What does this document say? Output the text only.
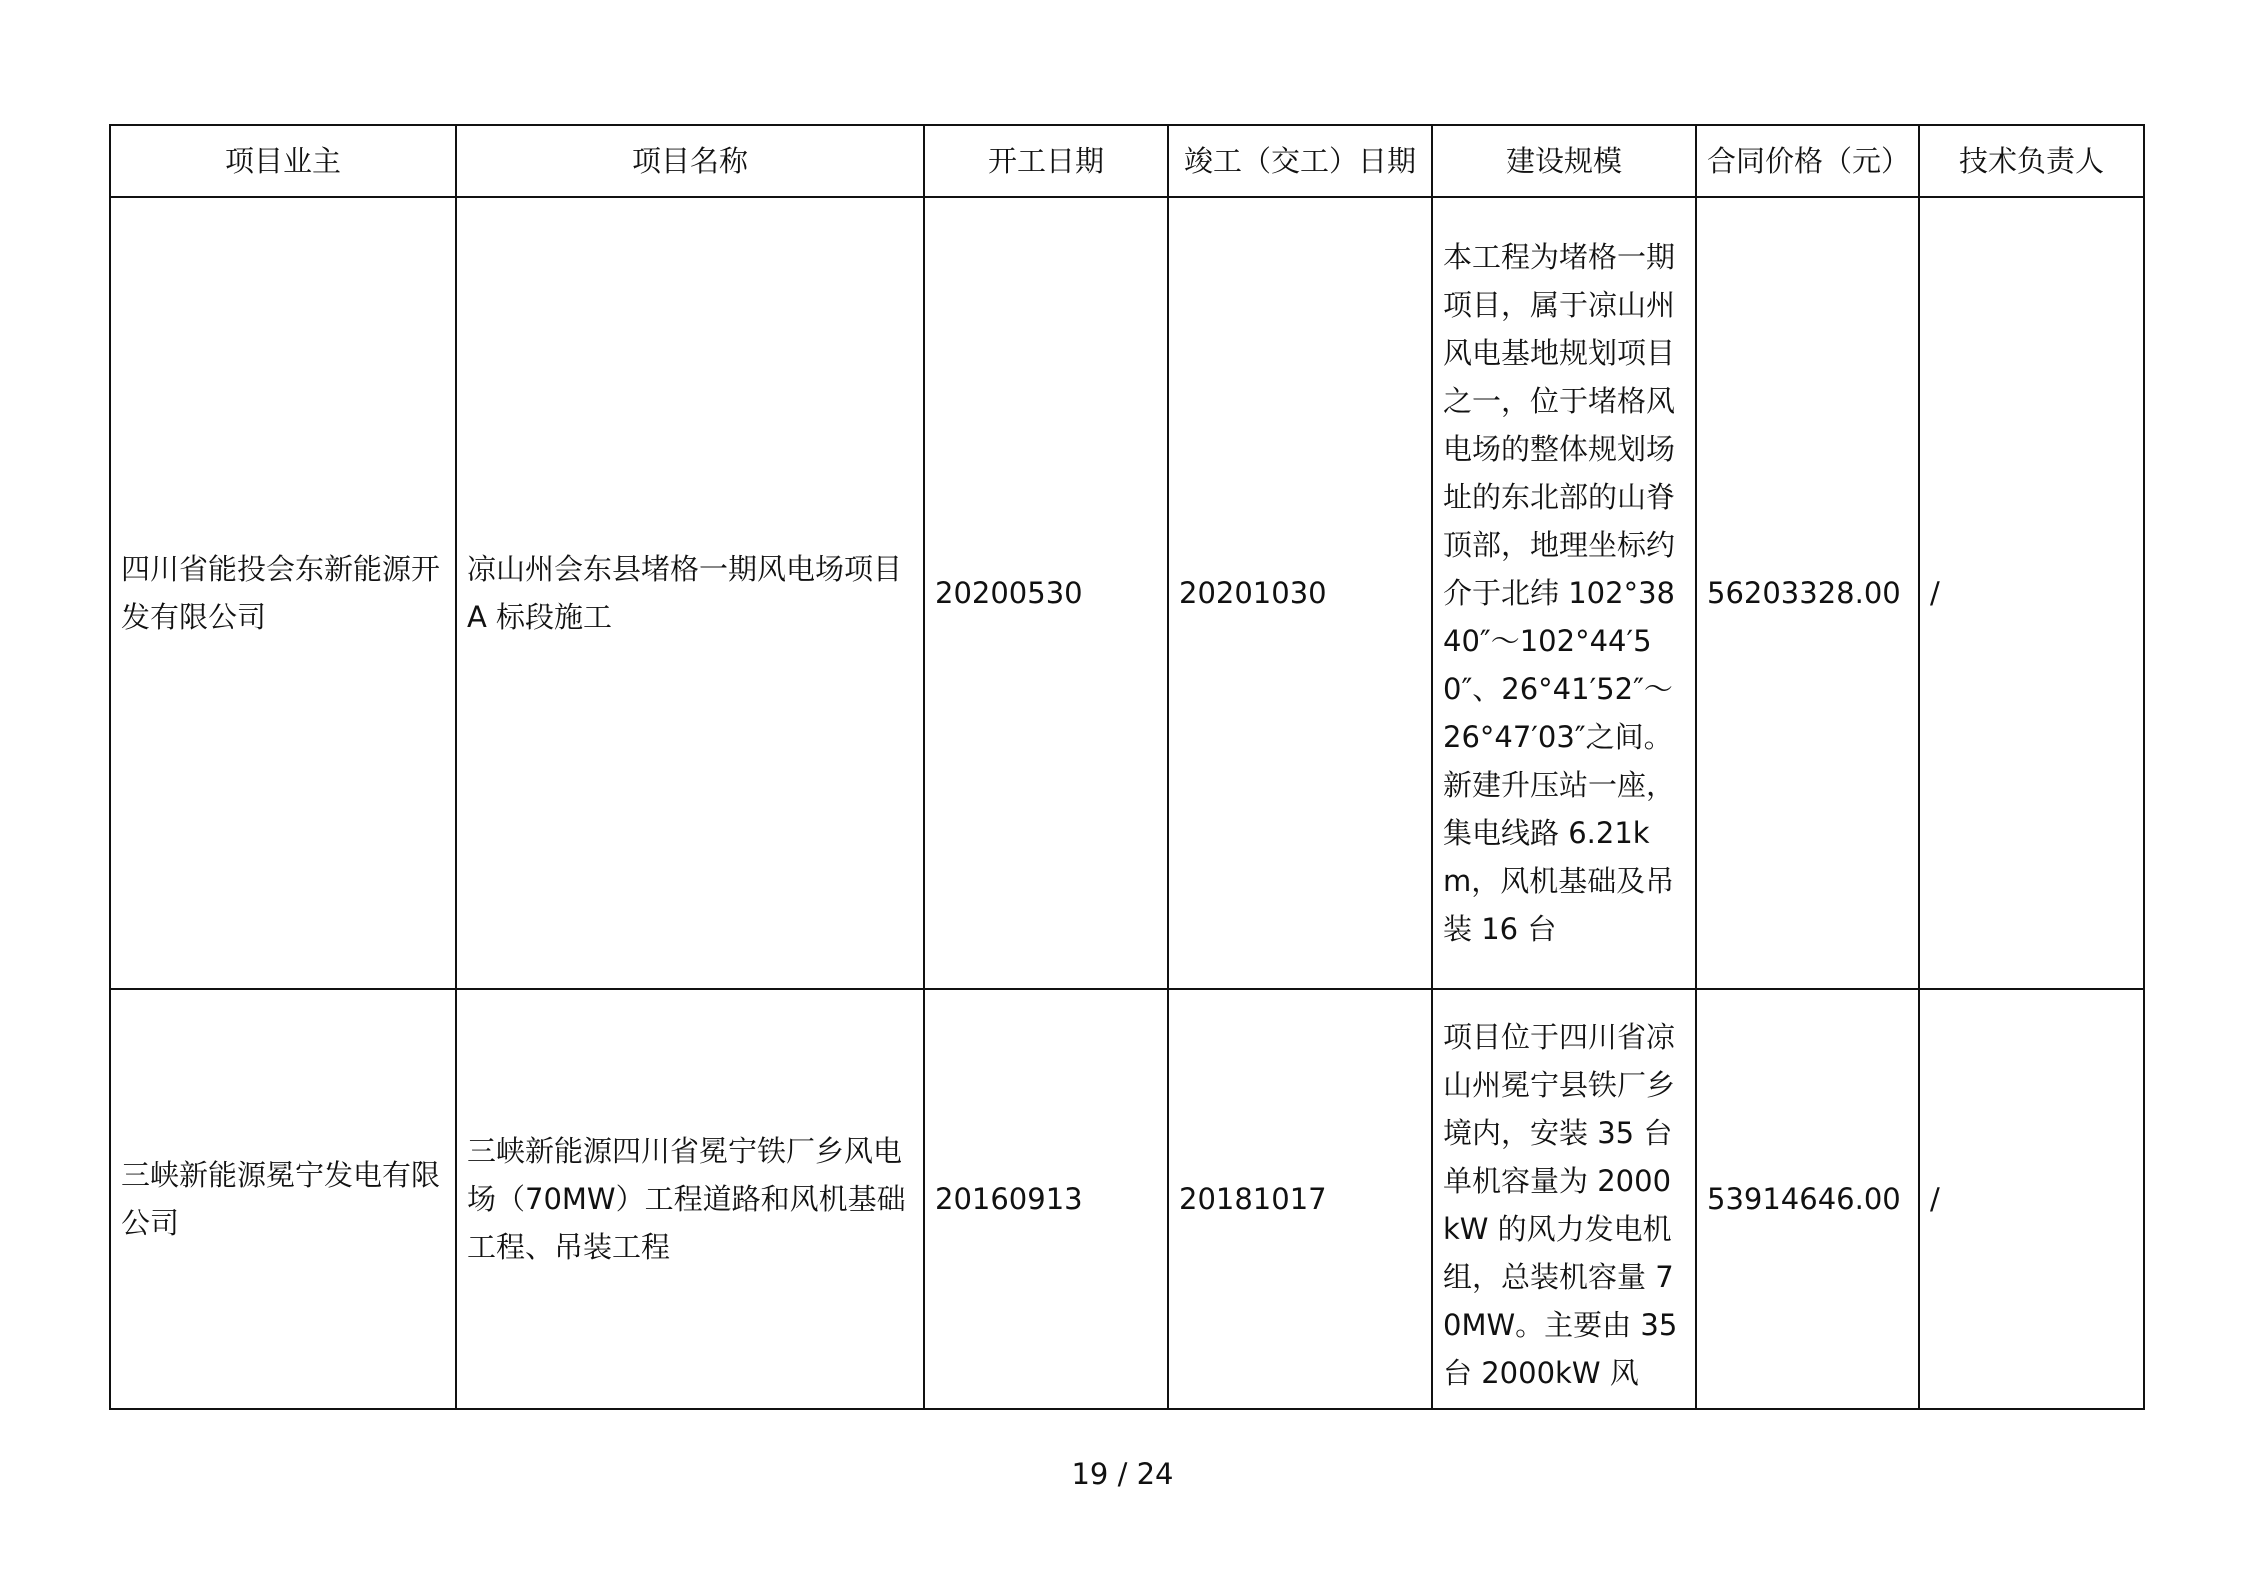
项目业主	项目名称	开工日期	竣工（交工）日期	建设规模	合同价格（元）	技术负责人
四川省能投会东新能源开发有限公司	凉山州会东县堵格一期风电场项目 A 标段施工	20200530	20201030	本工程为堵格一期项目，属于凉山州风电基地规划项目之一，位于堵格风电场的整体规划场址的东北部的山脊顶部，地理坐标约介于北纬 102°38 40″～102°44′50″、26°41′52″～26°47′03″之间。新建升压站一座，集电线路 6.21km，风机基础及吊装 16 台	56203328.00	/
三峡新能源冕宁发电有限公司	三峡新能源四川省冕宁铁厂乡风电场（70MW）工程道路和风机基础工程、吊装工程	20160913	20181017	项目位于四川省凉山州冕宁县铁厂乡境内，安装 35 台单机容量为 2000kW 的风力发电机组，总装机容量 70MW。主要由 35 台 2000kW 风	53914646.00	/
19 / 24
